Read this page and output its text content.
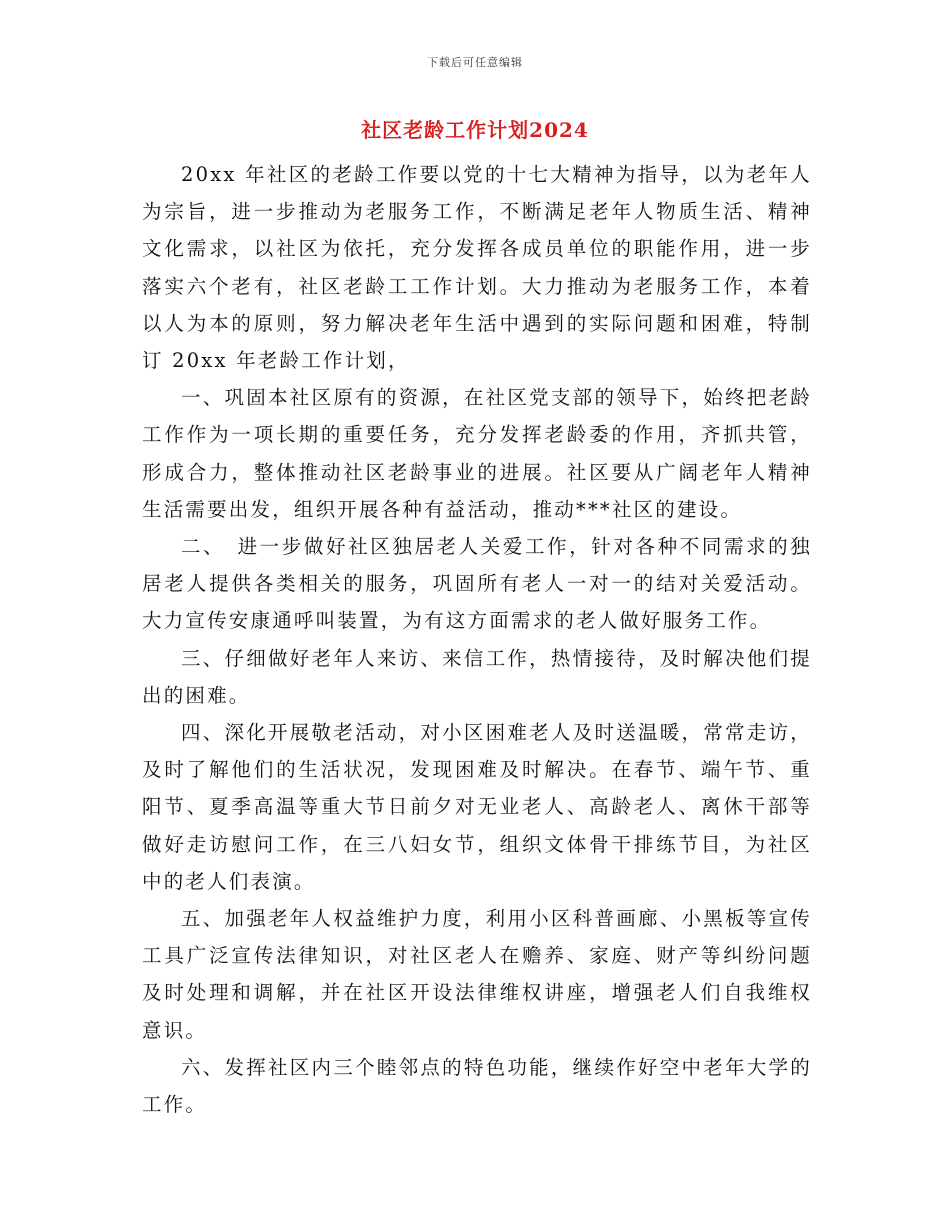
下载后可任意编辑
社区老龄工作计划2024

20xx 年社区的老龄工作要以党的十七大精神为指导，以为老年人为宗旨，进一步推动为老服务工作，不断满足老年人物质生活、精神文化需求，以社区为依托，充分发挥各成员单位的职能作用，进一步落实六个老有，社区老龄工工作计划。大力推动为老服务工作，本着以人为本的原则，努力解决老年生活中遇到的实际问题和困难，特制订 20xx 年老龄工作计划，

一、巩固本社区原有的资源，在社区党支部的领导下，始终把老龄工作作为一项长期的重要任务，充分发挥老龄委的作用，齐抓共管，形成合力，整体推动社区老龄事业的进展。社区要从广阔老年人精神生活需要出发，组织开展各种有益活动，推动***社区的建设。

二、　进一步做好社区独居老人关爱工作，针对各种不同需求的独居老人提供各类相关的服务，巩固所有老人一对一的结对关爱活动。大力宣传安康通呼叫装置，为有这方面需求的老人做好服务工作。

三、仔细做好老年人来访、来信工作，热情接待，及时解决他们提出的困难。

四、深化开展敬老活动，对小区困难老人及时送温暖，常常走访，及时了解他们的生活状况，发现困难及时解决。在春节、端午节、重阳节、夏季高温等重大节日前夕对无业老人、高龄老人、离休干部等做好走访慰问工作，在三八妇女节，组织文体骨干排练节目，为社区中的老人们表演。

五、加强老年人权益维护力度，利用小区科普画廊、小黑板等宣传工具广泛宣传法律知识，对社区老人在赡养、家庭、财产等纠纷问题及时处理和调解，并在社区开设法律维权讲座，增强老人们自我维权意识。

六、发挥社区内三个睦邻点的特色功能，继续作好空中老年大学的工作。
